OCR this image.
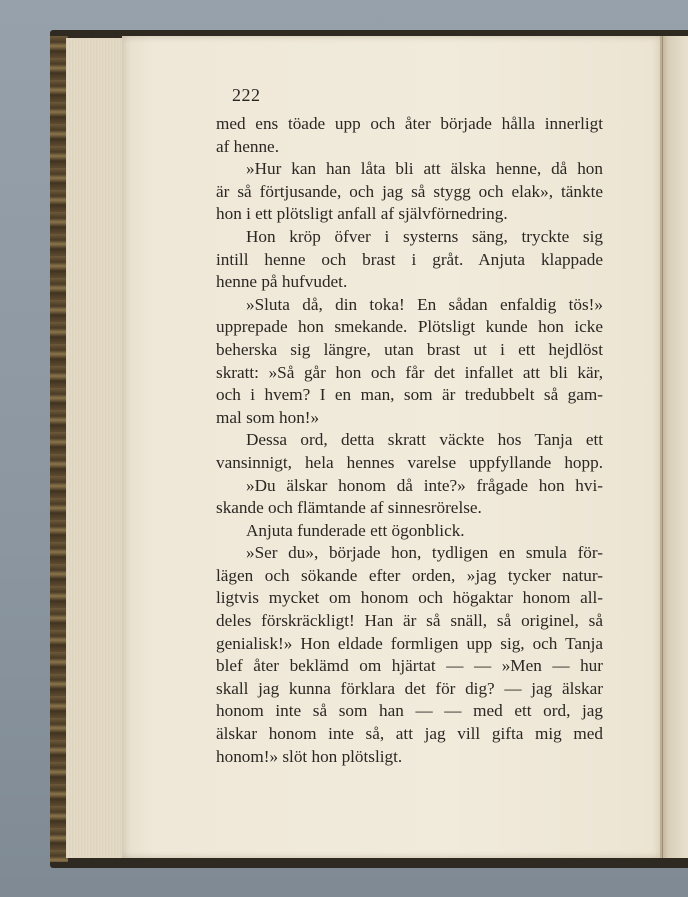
222
med ens töade upp och åter började hålla innerligt
af henne.
»Hur kan han låta bli att älska henne, då hon
är så förtjusande, och jag så stygg och elak», tänkte
hon i ett plötsligt anfall af självförnedring.
Hon kröp öfver i systerns säng, tryckte sig
intill henne och brast i gråt. Anjuta klappade
henne på hufvudet.
»Sluta då, din toka! En sådan enfaldig tös!»
upprepade hon smekande. Plötsligt kunde hon icke
beherska sig längre, utan brast ut i ett hejdlöst
skratt: »Så går hon och får det infallet att bli kär,
och i hvem? I en man, som är tredubbelt så gam-
mal som hon!»
Dessa ord, detta skratt väckte hos Tanja ett
vansinnigt, hela hennes varelse uppfyllande hopp.
»Du älskar honom då inte?» frågade hon hvi-
skande och flämtande af sinnesrörelse.
Anjuta funderade ett ögonblick.
»Ser du», började hon, tydligen en smula för-
lägen och sökande efter orden, »jag tycker natur-
ligtvis mycket om honom och högaktar honom all-
deles förskräckligt! Han är så snäll, så originel, så
genialisk!» Hon eldade formligen upp sig, och Tanja
blef åter beklämd om hjärtat — — »Men — hur
skall jag kunna förklara det för dig? — jag älskar
honom inte så som han — — med ett ord, jag
älskar honom inte så, att jag vill gifta mig med
honom!» slöt hon plötsligt.
